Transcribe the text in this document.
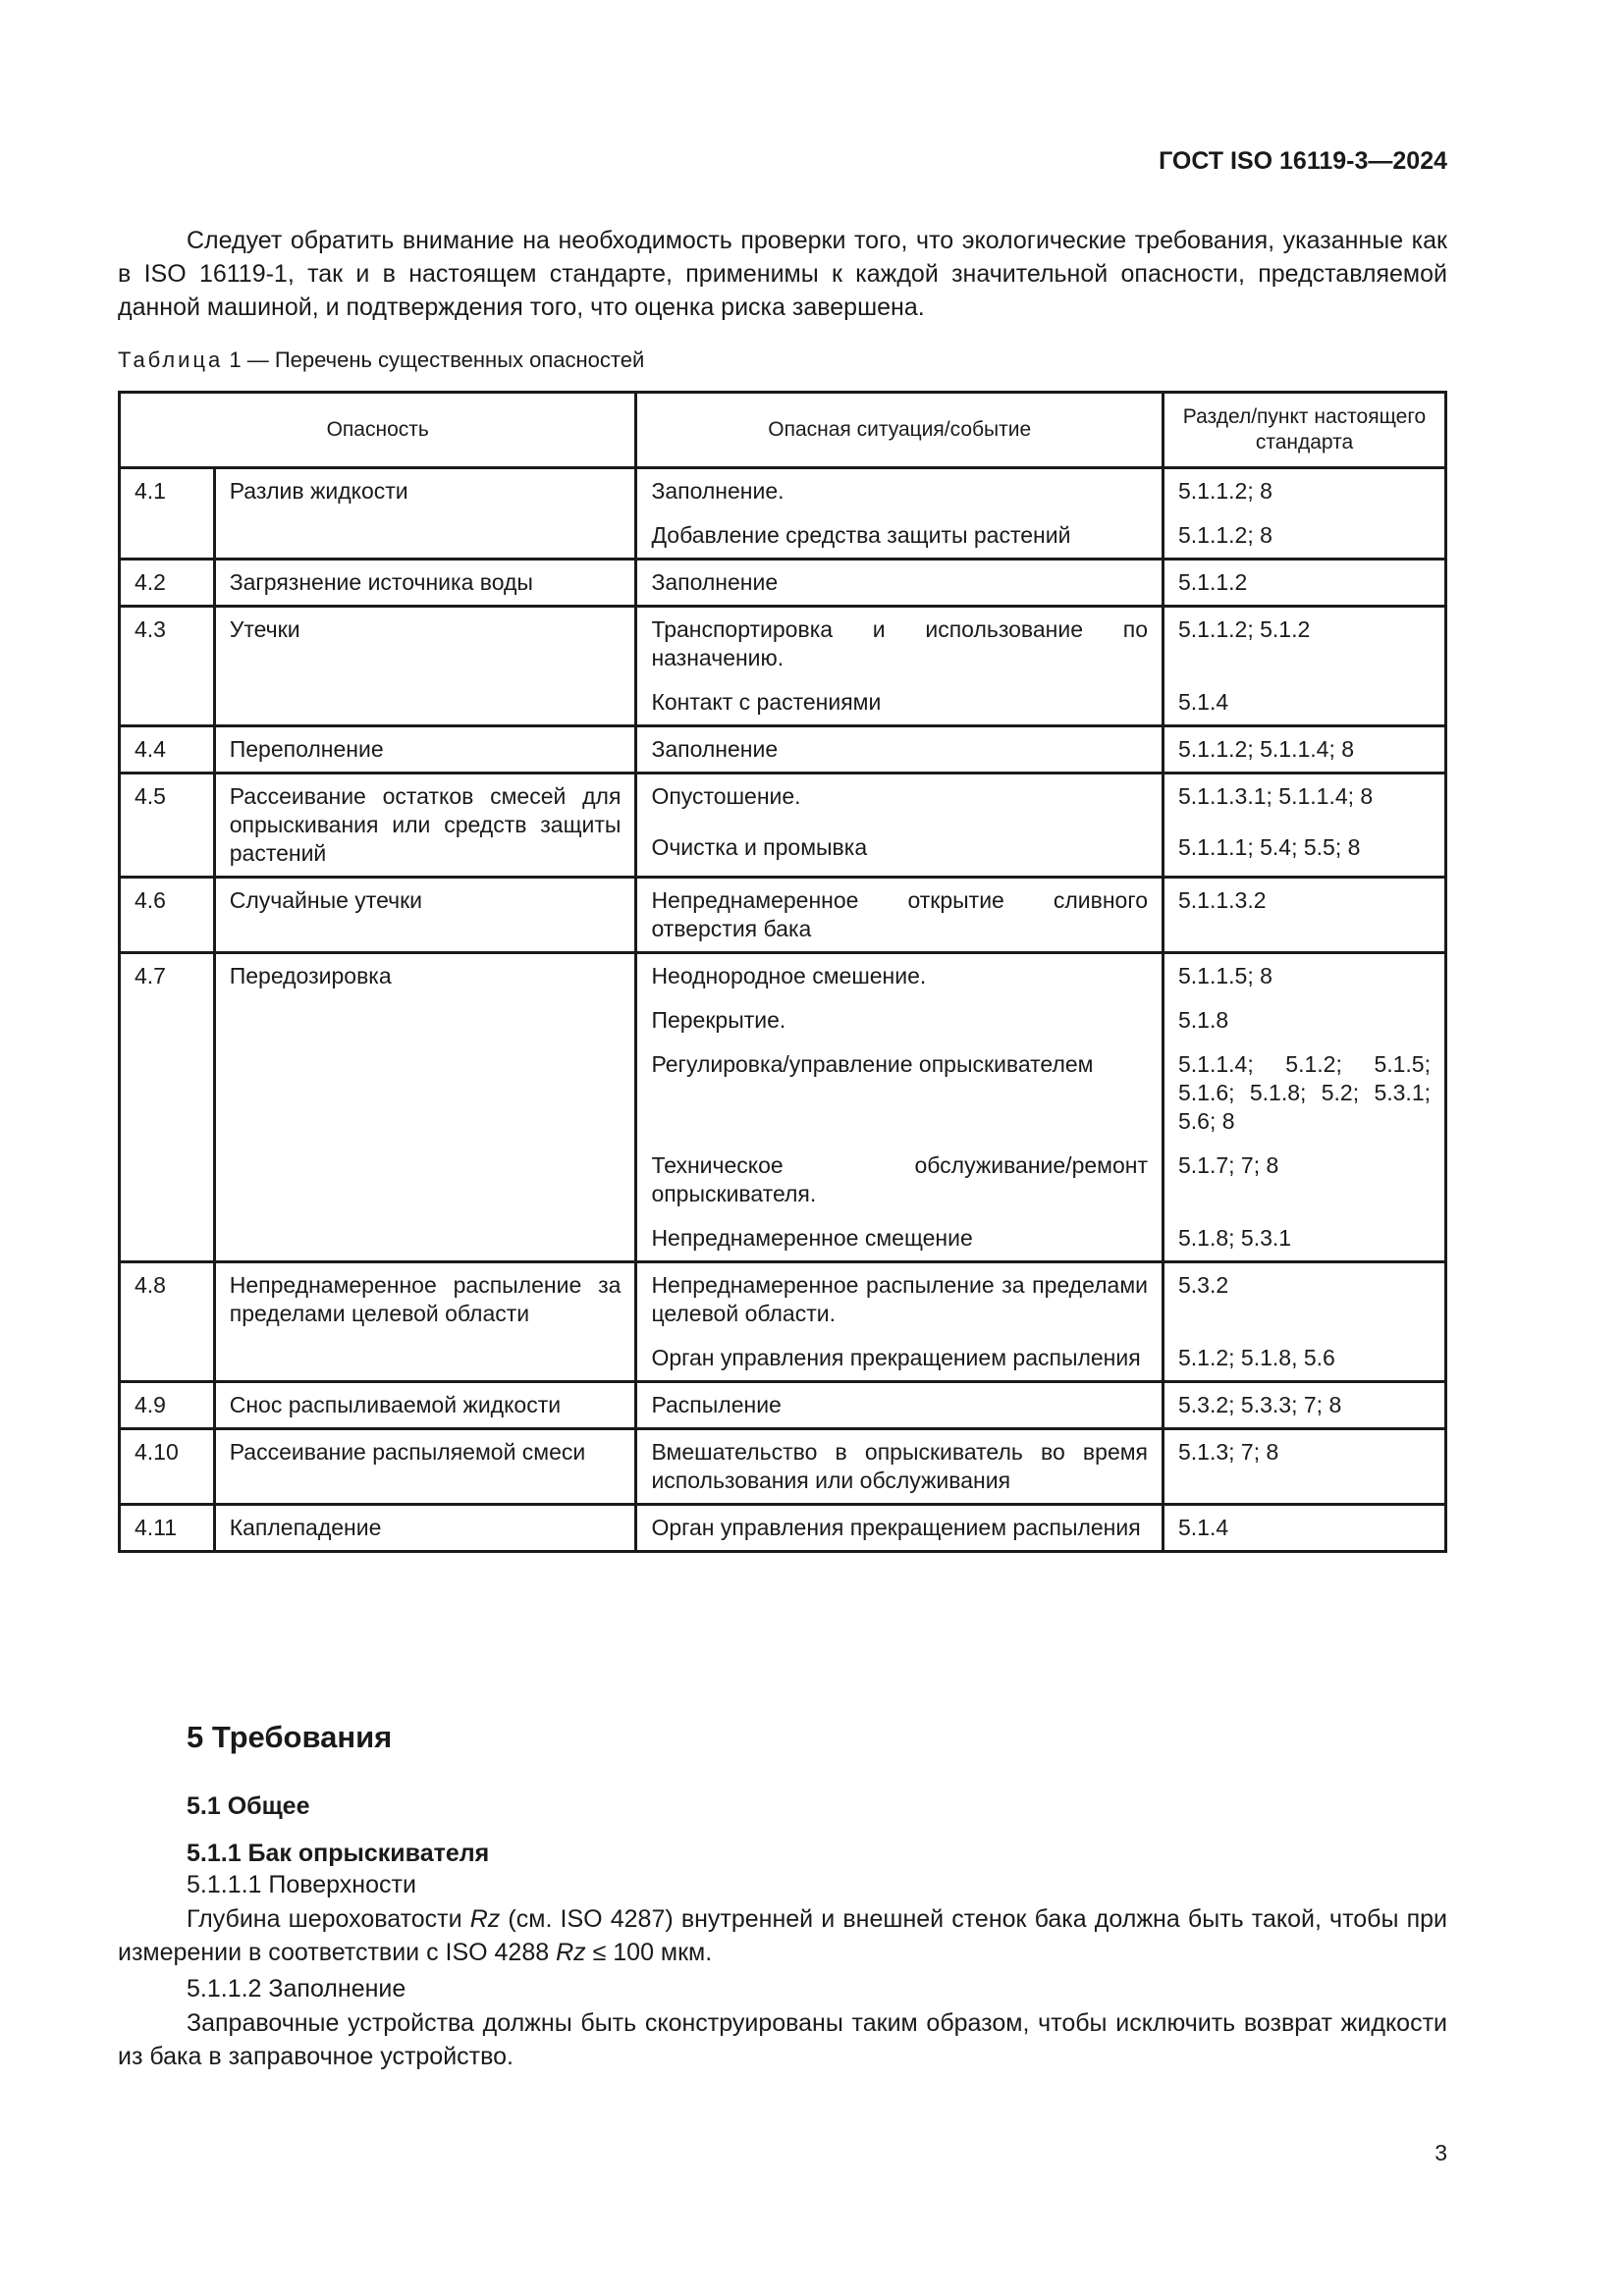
ГОСТ ISO 16119-3—2024
Следует обратить внимание на необходимость проверки того, что экологические требования, указанные как в ISO 16119-1, так и в настоящем стандарте, применимы к каждой значительной опасности, представляемой данной машиной, и подтверждения того, что оценка риска завершена.
Таблица 1 — Перечень существенных опасностей
Опасность		Опасная ситуация/событие	Раздел/пункт настоящего стандарта
4.1	Разлив жидкости	Заполнение.	5.1.1.2; 8
		Добавление средства защиты растений	5.1.1.2; 8
4.2	Загрязнение источника воды	Заполнение	5.1.1.2
4.3	Утечки	Транспортировка и использование по назначению.	5.1.1.2; 5.1.2
		Контакт с растениями	5.1.4
4.4	Переполнение	Заполнение	5.1.1.2; 5.1.1.4; 8
4.5	Рассеивание остатков смесей для опрыскивания или средств защиты растений	Опустошение.	5.1.1.3.1; 5.1.1.4; 8
		Очистка и промывка	5.1.1.1; 5.4; 5.5; 8
4.6	Случайные утечки	Непреднамеренное открытие сливного отверстия бака	5.1.1.3.2
4.7	Передозировка	Неоднородное смешение.	5.1.1.5; 8
		Перекрытие.	5.1.8
		Регулировка/управление опрыскивателем	5.1.1.4; 5.1.2; 5.1.5; 5.1.6; 5.1.8; 5.2; 5.3.1; 5.6; 8
		Техническое обслуживание/ремонт опрыскивателя.	5.1.7; 7; 8
		Непреднамеренное смещение	5.1.8; 5.3.1
4.8	Непреднамеренное распыление за пределами целевой области	Непреднамеренное распыление за пределами целевой области.	5.3.2
		Орган управления прекращением распыления	5.1.2; 5.1.8, 5.6
4.9	Снос распыливаемой жидкости	Распыление	5.3.2; 5.3.3; 7; 8
4.10	Рассеивание распыляемой смеси	Вмешательство в опрыскиватель во время использования или обслуживания	5.1.3; 7; 8
4.11	Каплепадение	Орган управления прекращением распыления	5.1.4
5 Требования
5.1 Общее
5.1.1 Бак опрыскивателя
5.1.1.1 Поверхности
Глубина шероховатости Rz (см. ISO 4287) внутренней и внешней стенок бака должна быть такой, чтобы при измерении в соответствии с ISO 4288 Rz ≤ 100 мкм.
5.1.1.2 Заполнение
Заправочные устройства должны быть сконструированы таким образом, чтобы исключить возврат жидкости из бака в заправочное устройство.
3
